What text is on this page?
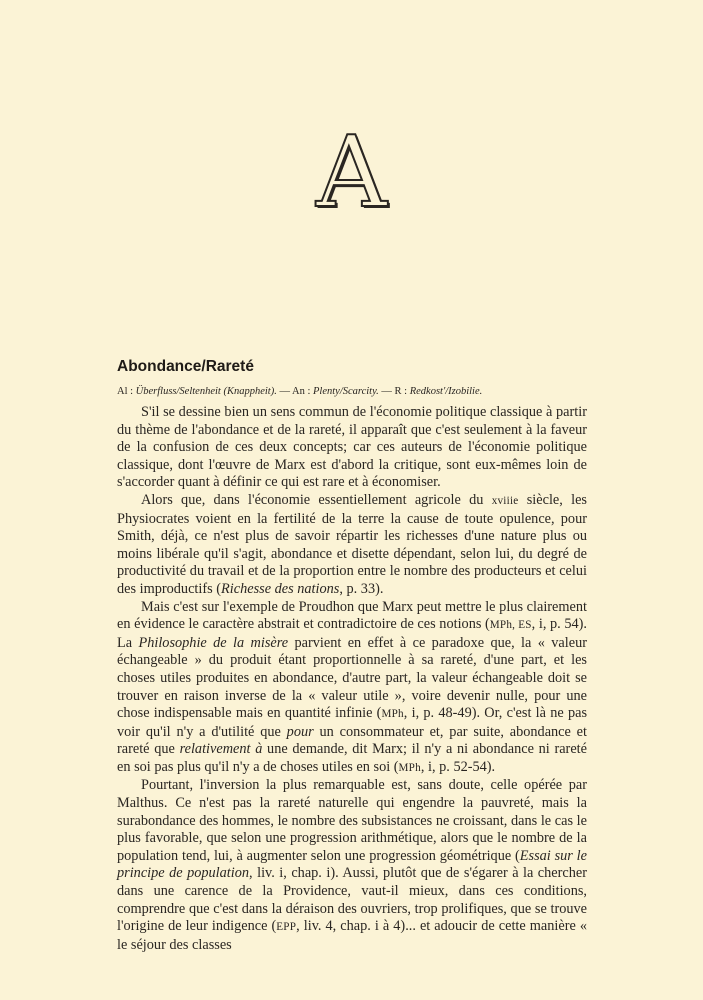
A
Abondance/Rareté
Al : Überfluss/Seltenheit (Knappheit). — An : Plenty/Scarcity. — R : Redkost'/Izobilie.

S'il se dessine bien un sens commun de l'économie politique classique à partir du thème de l'abondance et de la rareté, il apparaît que c'est seulement à la faveur de la confusion de ces deux concepts; car ces auteurs de l'économie politique classique, dont l'œuvre de Marx est d'abord la critique, sont eux-mêmes loin de s'accorder quant à définir ce qui est rare et à économiser.

Alors que, dans l'économie essentiellement agricole du xviiie siècle, les Physiocrates voient en la fertilité de la terre la cause de toute opulence, pour Smith, déjà, ce n'est plus de savoir répartir les richesses d'une nature plus ou moins libérale qu'il s'agit, abondance et disette dépendant, selon lui, du degré de productivité du travail et de la proportion entre le nombre des producteurs et celui des improductifs (Richesse des nations, p. 33).

Mais c'est sur l'exemple de Proudhon que Marx peut mettre le plus clairement en évidence le caractère abstrait et contradictoire de ces notions (MPh, ES, i, p. 54). La Philosophie de la misère parvient en effet à ce paradoxe que, la « valeur échangeable » du produit étant proportionnelle à sa rareté, d'une part, et les choses utiles produites en abondance, d'autre part, la valeur échangeable doit se trouver en raison inverse de la « valeur utile », voire devenir nulle, pour une chose indispensable mais en quantité infinie (MPh, i, p. 48-49). Or, c'est là ne pas voir qu'il n'y a d'utilité que pour un consommateur et, par suite, abondance et rareté que relativement à une demande, dit Marx; il n'y a ni abondance ni rareté en soi pas plus qu'il n'y a de choses utiles en soi (MPh, i, p. 52-54).

Pourtant, l'inversion la plus remarquable est, sans doute, celle opérée par Malthus. Ce n'est pas la rareté naturelle qui engendre la pauvreté, mais la surabondance des hommes, le nombre des subsistances ne croissant, dans le cas le plus favorable, que selon une progression arithmétique, alors que le nombre de la population tend, lui, à augmenter selon une progression géométrique (Essai sur le principe de population, liv. i, chap. i). Aussi, plutôt que de s'égarer à la chercher dans une carence de la Providence, vaut-il mieux, dans ces conditions, comprendre que c'est dans la déraison des ouvriers, trop prolifiques, que se trouve l'origine de leur indigence (EPP, liv. 4, chap. i à 4)... et adoucir de cette manière « le séjour des classes
